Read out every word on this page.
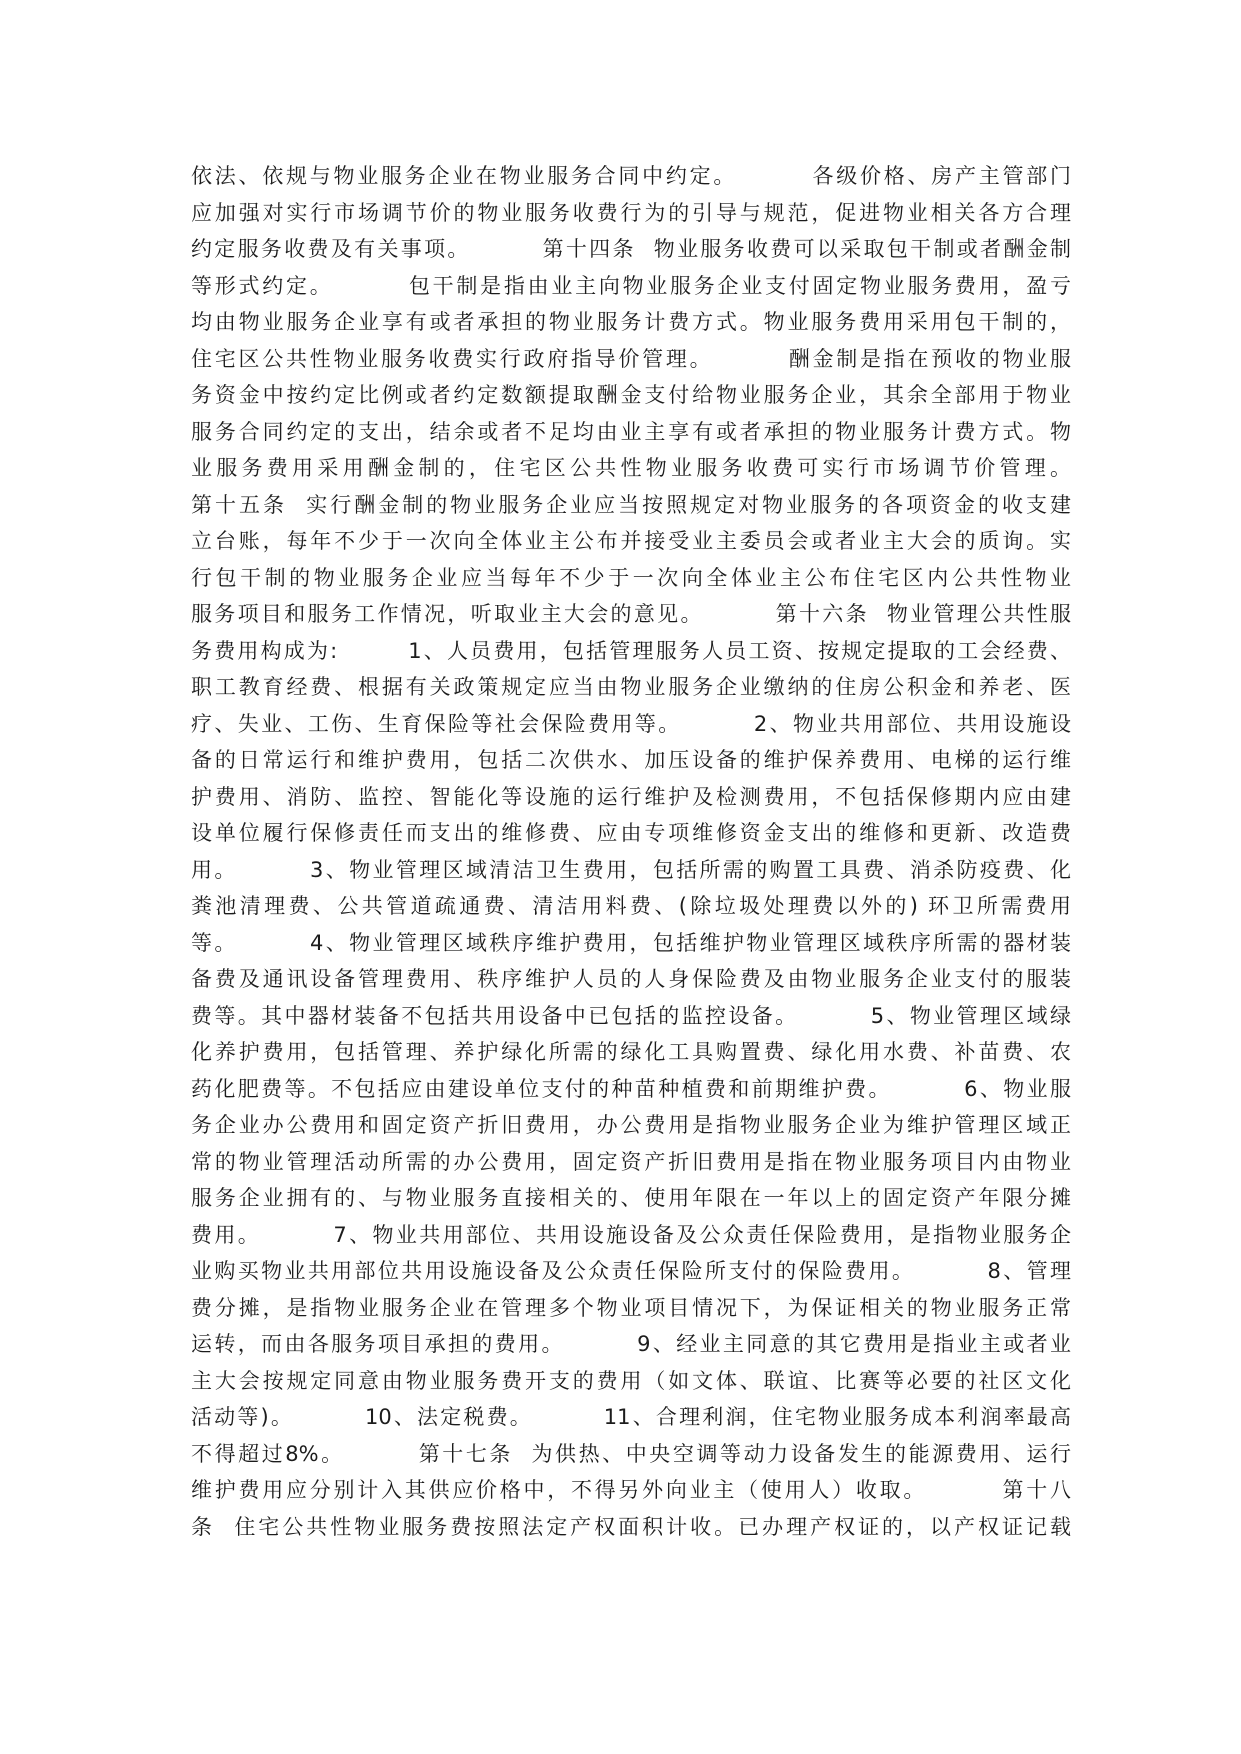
依法、依规与物业服务企业在物业服务合同中约定。        各级价格、房产主管部门
应加强对实行市场调节价的物业服务收费行为的引导与规范，促进物业相关各方合理
约定服务收费及有关事项。        第十四条  物业服务收费可以采取包干制或者酬金制
等形式约定。        包干制是指由业主向物业服务企业支付固定物业服务费用，盈亏
均由物业服务企业享有或者承担的物业服务计费方式。物业服务费用采用包干制的，
住宅区公共性物业服务收费实行政府指导价管理。        酬金制是指在预收的物业服
务资金中按约定比例或者约定数额提取酬金支付给物业服务企业，其余全部用于物业
服务合同约定的支出，结余或者不足均由业主享有或者承担的物业服务计费方式。物
业服务费用采用酬金制的，住宅区公共性物业服务收费可实行市场调节价管理。
第十五条  实行酬金制的物业服务企业应当按照规定对物业服务的各项资金的收支建
立台账，每年不少于一次向全体业主公布并接受业主委员会或者业主大会的质询。实
行包干制的物业服务企业应当每年不少于一次向全体业主公布住宅区内公共性物业
服务项目和服务工作情况，听取业主大会的意见。        第十六条  物业管理公共性服
务费用构成为:        1、人员费用，包括管理服务人员工资、按规定提取的工会经费、
职工教育经费、根据有关政策规定应当由物业服务企业缴纳的住房公积金和养老、医
疗、失业、工伤、生育保险等社会保险费用等。        2、物业共用部位、共用设施设
备的日常运行和维护费用，包括二次供水、加压设备的维护保养费用、电梯的运行维
护费用、消防、监控、智能化等设施的运行维护及检测费用，不包括保修期内应由建
设单位履行保修责任而支出的维修费、应由专项维修资金支出的维修和更新、改造费
用。        3、物业管理区域清洁卫生费用，包括所需的购置工具费、消杀防疫费、化
粪池清理费、公共管道疏通费、清洁用料费、(除垃圾处理费以外的) 环卫所需费用
等。        4、物业管理区域秩序维护费用，包括维护物业管理区域秩序所需的器材装
备费及通讯设备管理费用、秩序维护人员的人身保险费及由物业服务企业支付的服装
费等。其中器材装备不包括共用设备中已包括的监控设备。        5、物业管理区域绿
化养护费用，包括管理、养护绿化所需的绿化工具购置费、绿化用水费、补苗费、农
药化肥费等。不包括应由建设单位支付的种苗种植费和前期维护费。        6、物业服
务企业办公费用和固定资产折旧费用，办公费用是指物业服务企业为维护管理区域正
常的物业管理活动所需的办公费用，固定资产折旧费用是指在物业服务项目内由物业
服务企业拥有的、与物业服务直接相关的、使用年限在一年以上的固定资产年限分摊
费用。        7、物业共用部位、共用设施设备及公众责任保险费用，是指物业服务企
业购买物业共用部位共用设施设备及公众责任保险所支付的保险费用。        8、管理
费分摊，是指物业服务企业在管理多个物业项目情况下，为保证相关的物业服务正常
运转，而由各服务项目承担的费用。        9、经业主同意的其它费用是指业主或者业
主大会按规定同意由物业服务费开支的费用（如文体、联谊、比赛等必要的社区文化
活动等)。        10、法定税费。        11、合理利润，住宅物业服务成本利润率最高
不得超过8%。        第十七条  为供热、中央空调等动力设备发生的能源费用、运行
维护费用应分别计入其供应价格中，不得另外向业主（使用人）收取。        第十八
条  住宅公共性物业服务费按照法定产权面积计收。已办理产权证的，以产权证记载
